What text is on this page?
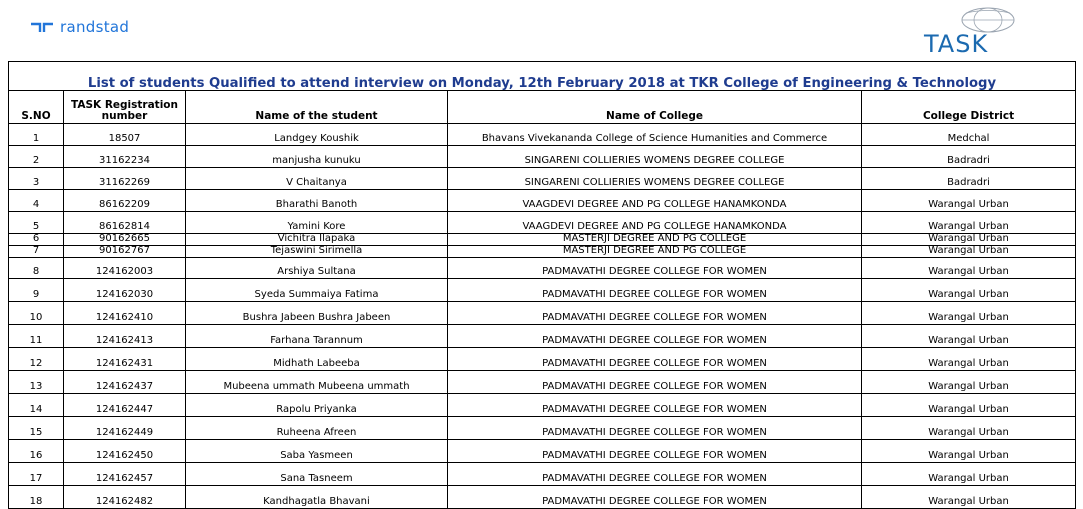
randstad
TASK
List of students Qualified to attend interview on Monday, 12th February 2018 at TKR College of Engineering & Technology				
S.NO	TASK Registration number	Name of the student	Name of College	College District
1	18507	Landgey Koushik	Bhavans Vivekananda College of Science Humanities and Commerce	Medchal
2	31162234	manjusha kunuku	SINGARENI COLLIERIES WOMENS DEGREE COLLEGE	Badradri
3	31162269	V Chaitanya	SINGARENI COLLIERIES WOMENS DEGREE COLLEGE	Badradri
4	86162209	Bharathi Banoth	VAAGDEVI DEGREE AND PG COLLEGE HANAMKONDA	Warangal Urban
5	86162814	Yamini Kore	VAAGDEVI DEGREE AND PG COLLEGE HANAMKONDA	Warangal Urban
6	90162665	Vichitra Ilapaka	MASTERJI DEGREE AND PG COLLEGE	Warangal Urban
7	90162767	Tejaswini Sirimella	MASTERJI DEGREE AND PG COLLEGE	Warangal Urban
8	124162003	Arshiya Sultana	PADMAVATHI DEGREE COLLEGE FOR WOMEN	Warangal Urban
9	124162030	Syeda Summaiya Fatima	PADMAVATHI DEGREE COLLEGE FOR WOMEN	Warangal Urban
10	124162410	Bushra Jabeen Bushra Jabeen	PADMAVATHI DEGREE COLLEGE FOR WOMEN	Warangal Urban
11	124162413	Farhana Tarannum	PADMAVATHI DEGREE COLLEGE FOR WOMEN	Warangal Urban
12	124162431	Midhath Labeeba	PADMAVATHI DEGREE COLLEGE FOR WOMEN	Warangal Urban
13	124162437	Mubeena ummath Mubeena ummath	PADMAVATHI DEGREE COLLEGE FOR WOMEN	Warangal Urban
14	124162447	Rapolu Priyanka	PADMAVATHI DEGREE COLLEGE FOR WOMEN	Warangal Urban
15	124162449	Ruheena Afreen	PADMAVATHI DEGREE COLLEGE FOR WOMEN	Warangal Urban
16	124162450	Saba Yasmeen	PADMAVATHI DEGREE COLLEGE FOR WOMEN	Warangal Urban
17	124162457	Sana Tasneem	PADMAVATHI DEGREE COLLEGE FOR WOMEN	Warangal Urban
18	124162482	Kandhagatla Bhavani	PADMAVATHI DEGREE COLLEGE FOR WOMEN	Warangal Urban
